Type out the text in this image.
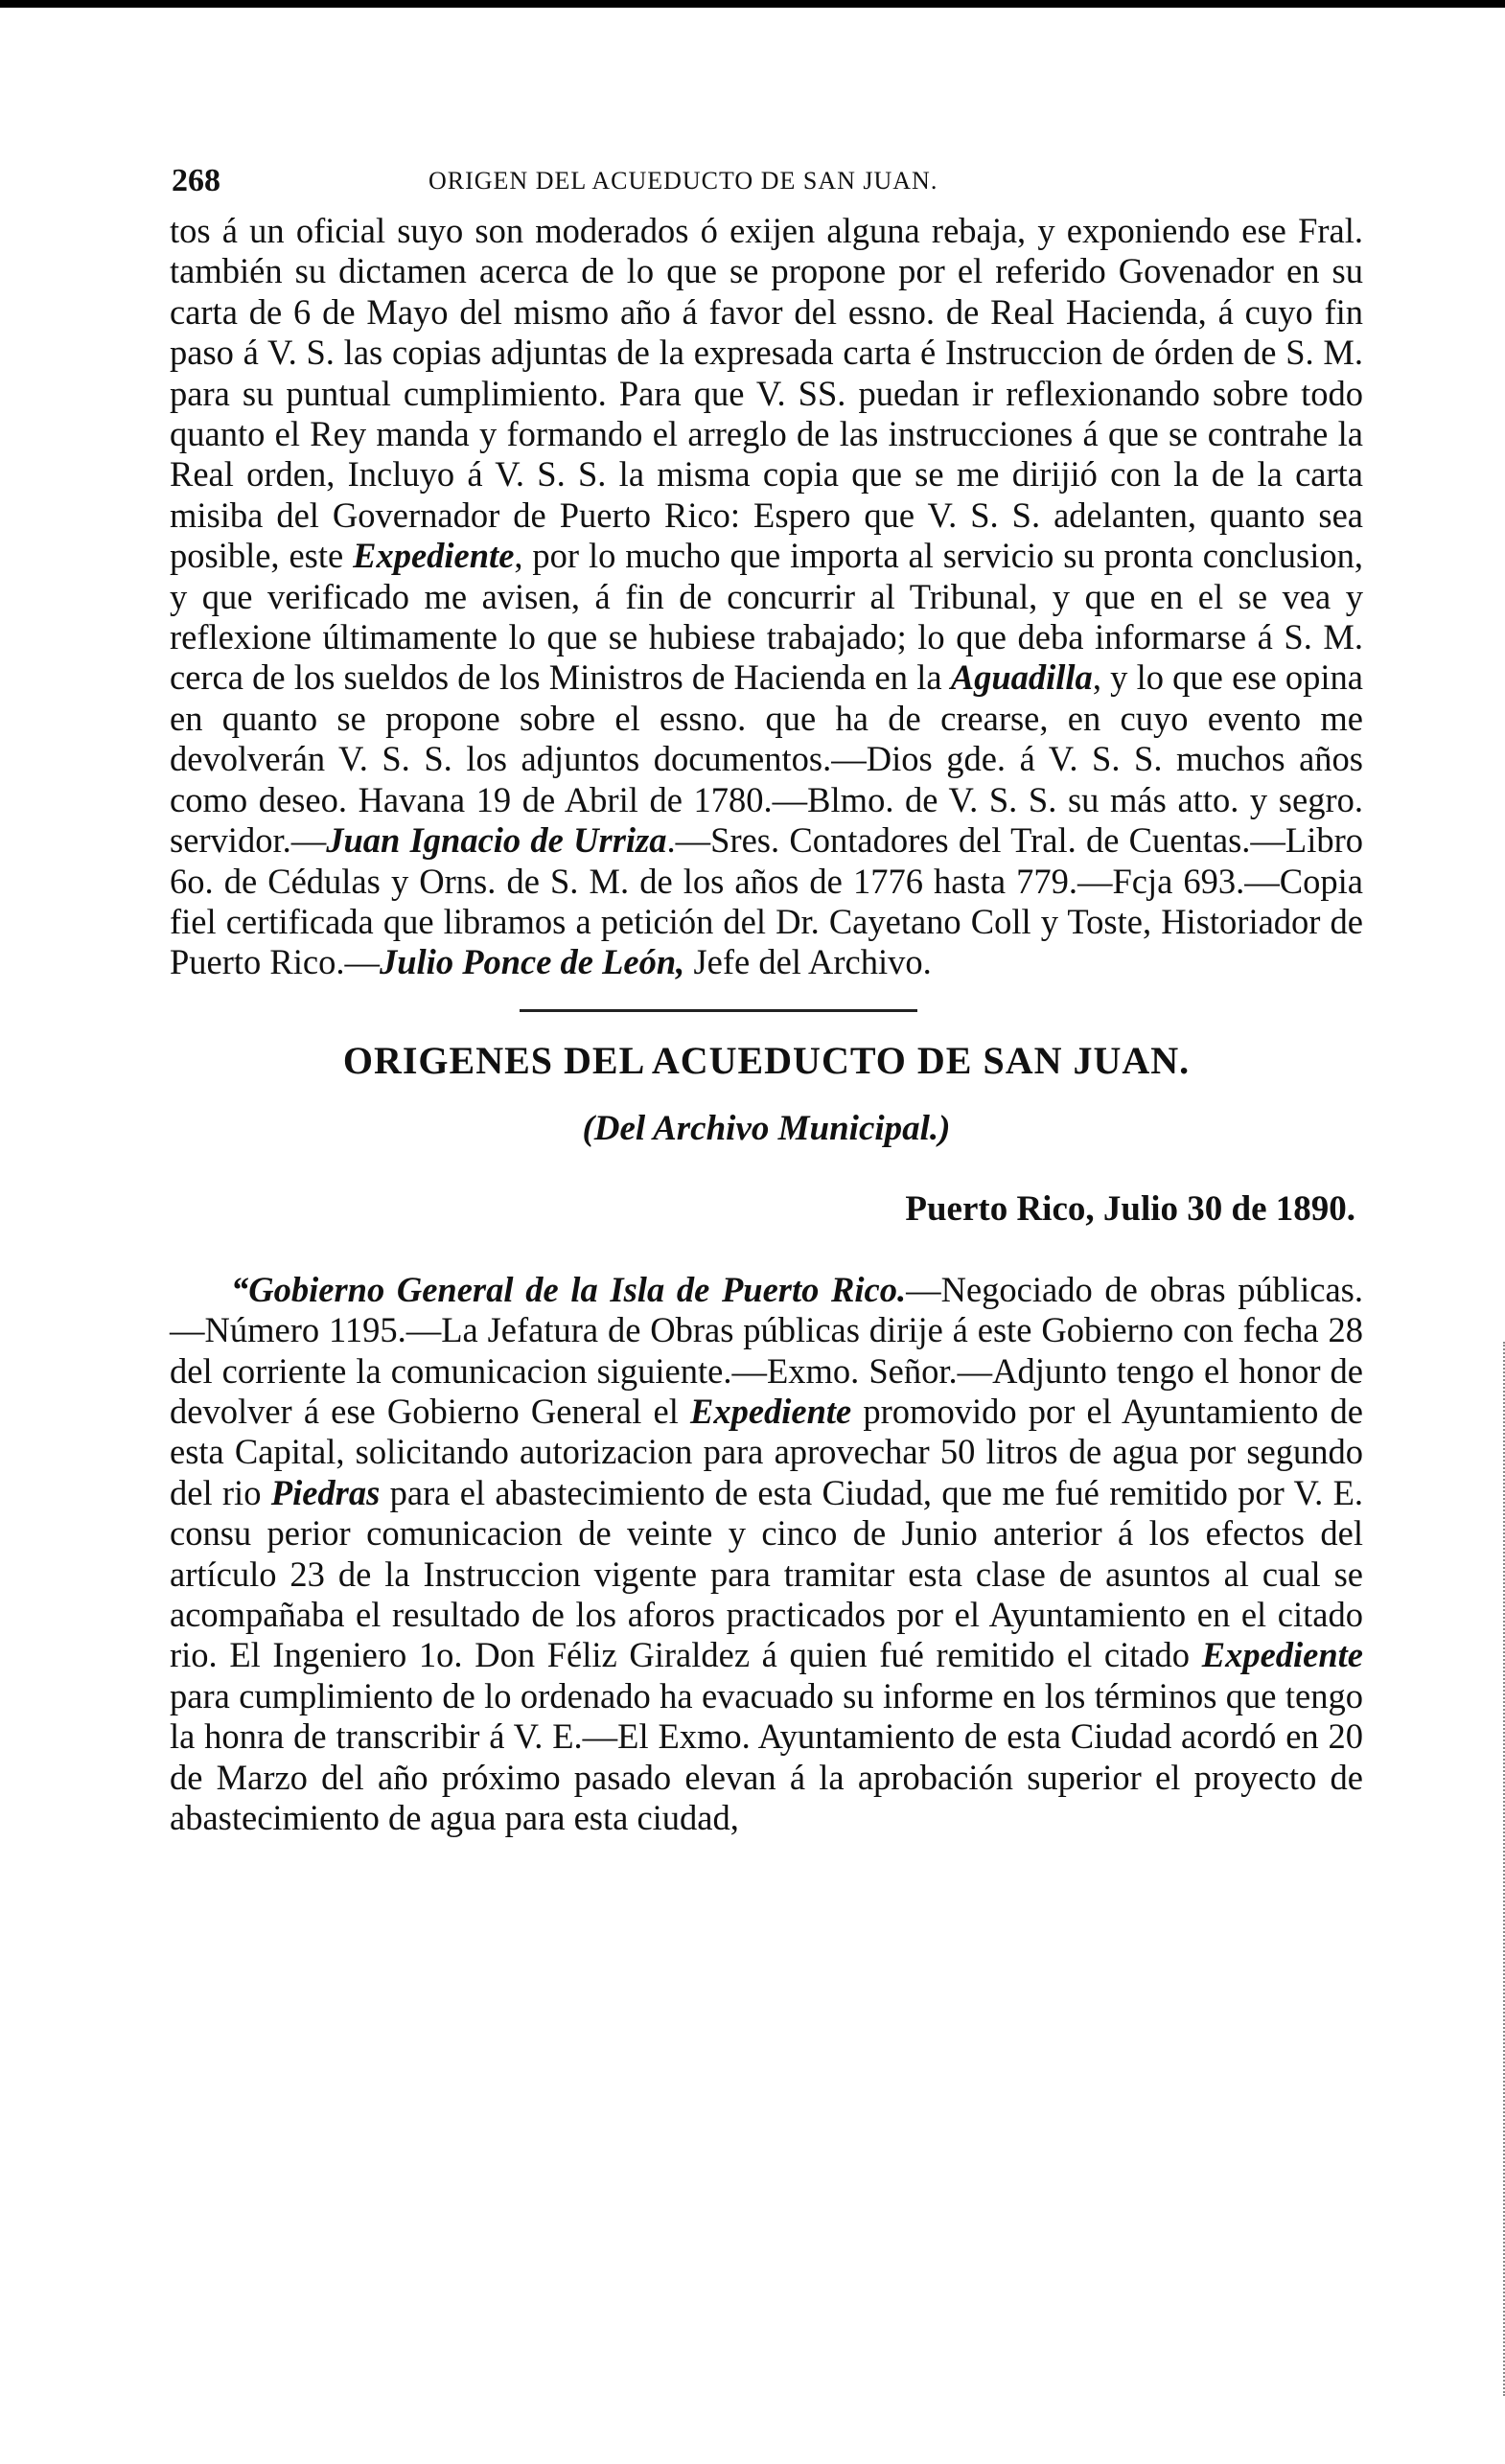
268	ORIGEN DEL ACUEDUCTO DE SAN JUAN.

tos á un oficial suyo son moderados ó exijen alguna rebaja, y exponiendo ese Fral. también su dictamen acerca de lo que se propone por el referido Govenador en su carta de 6 de Mayo del mismo año á favor del essno. de Real Hacienda, á cuyo fin paso á V. S. las copias adjuntas de la expresada carta é Instruccion de órden de S. M. para su puntual cumplimiento. Para que V. SS. puedan ir reflexionando sobre todo quanto el Rey manda y formando el arreglo de las instrucciones á que se contrahe la Real orden, Incluyo á V. S. S. la misma copia que se me dirijió con la de la carta misiba del Governador de Puerto Rico: Espero que V. S. S. adelanten, quanto sea posible, este Expediente, por lo mucho que importa al servicio su pronta conclusion, y que verificado me avisen, á fin de concurrir al Tribunal, y que en el se vea y reflexione últimamente lo que se hubiese trabajado; lo que deba informarse á S. M. cerca de los sueldos de los Ministros de Hacienda en la Aguadilla, y lo que ese opina en quanto se propone sobre el essno. que ha de crearse, en cuyo evento me devolverán V. S. S. los adjuntos documentos.—Dios gde. á V. S. S. muchos años como deseo. Havana 19 de Abril de 1780.—Blmo. de V. S. S. su más atto. y segro. servidor.—Juan Ignacio de Urriza.—Sres. Contadores del Tral. de Cuentas.—Libro 6o. de Cédulas y Orns. de S. M. de los años de 1776 hasta 779.—Fcja 693.—Copia fiel certificada que libramos a petición del Dr. Cayetano Coll y Toste, Historiador de Puerto Rico.—Julio Ponce de León, Jefe del Archivo.

ORIGENES DEL ACUEDUCTO DE SAN JUAN.

(Del Archivo Municipal.)

Puerto Rico, Julio 30 de 1890.

“Gobierno General de la Isla de Puerto Rico.—Negociado de obras públicas.—Número 1195.—La Jefatura de Obras públicas dirije á este Gobierno con fecha 28 del corriente la comunicacion siguiente.—Exmo. Señor.—Adjunto tengo el honor de devolver á ese Gobierno General el Expediente promovido por el Ayuntamiento de esta Capital, solicitando autorizacion para aprovechar 50 litros de agua por segundo del rio Piedras para el abastecimiento de esta Ciudad, que me fué remitido por V. E. consu perior comunicacion de veinte y cinco de Junio anterior á los efectos del artículo 23 de la Instruccion vigente para tramitar esta clase de asuntos al cual se acompañaba el resultado de los aforos practicados por el Ayuntamiento en el citado rio. El Ingeniero 1o. Don Féliz Giraldez á quien fué remitido el citado Expediente para cumplimiento de lo ordenado ha evacuado su informe en los términos que tengo la honra de transcribir á V. E.—El Exmo. Ayuntamiento de esta Ciudad acordó en 20 de Marzo del año próximo pasado elevan á la aprobación superior el proyecto de abastecimiento de agua para esta ciudad,
